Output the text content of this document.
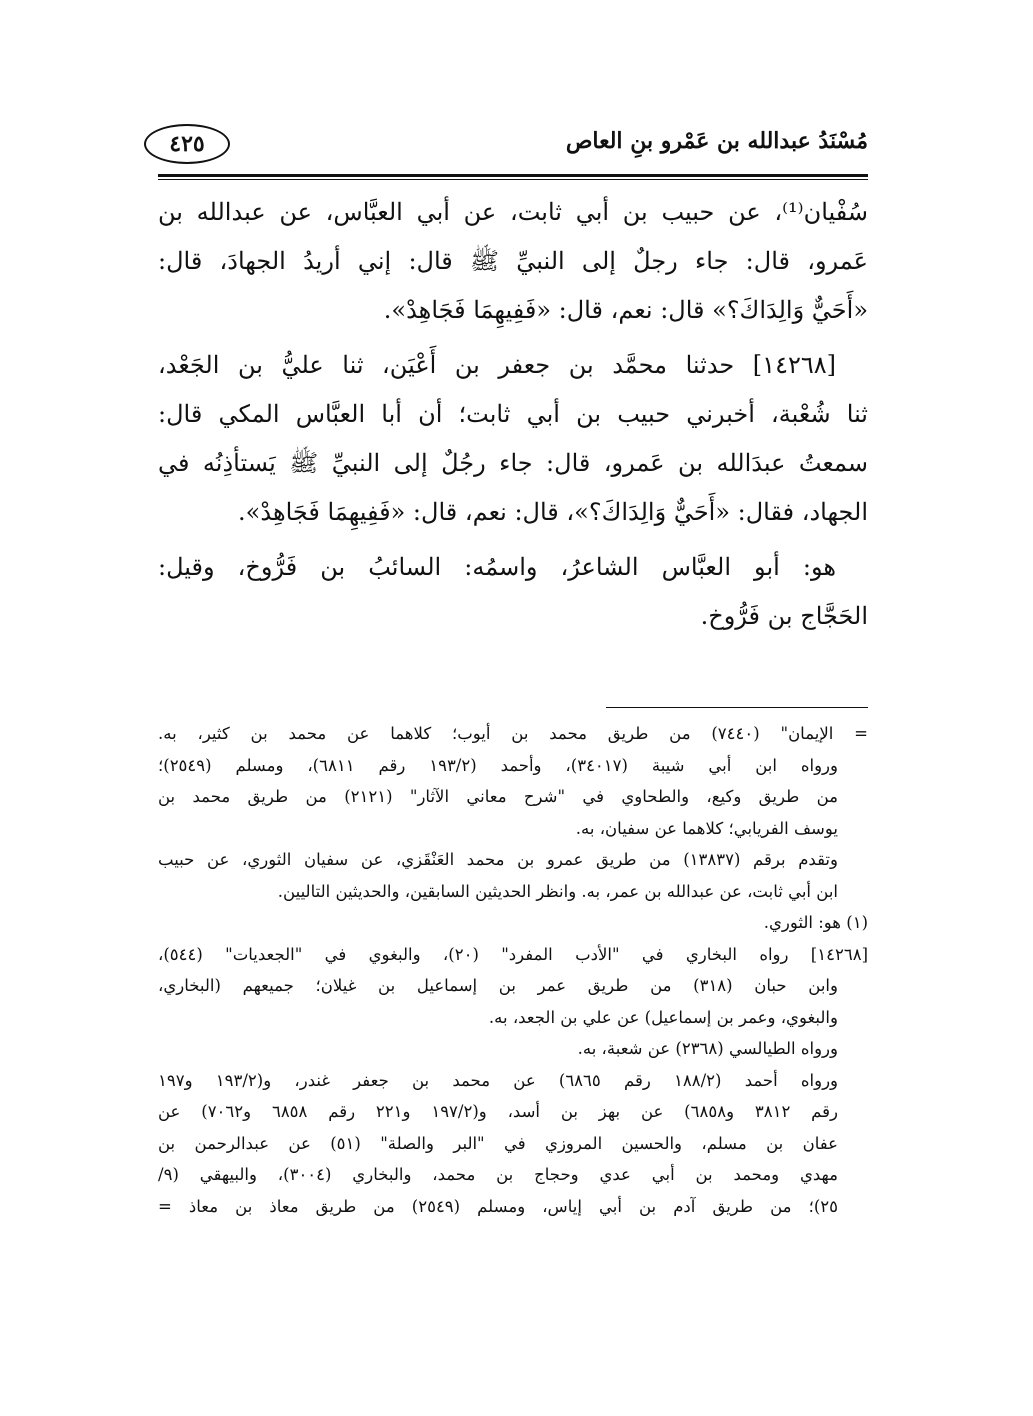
مُسْنَدُ عبدالله بن عَمْرو بنِ العاص
٤٢٥
سُفْيان⁽¹⁾، عن حبيب بن أبي ثابت، عن أبي العبَّاس، عن عبدالله بن
عَمرو، قال: جاء رجلٌ إلى النبيِّ ﷺ قال: إني أريدُ الجهادَ، قال:
«أَحَيٌّ وَالِدَاكَ؟» قال: نعم، قال: «فَفِيهِمَا فَجَاهِدْ».
[١٤٢٦٨] حدثنا محمَّد بن جعفر بن أَعْيَن، ثنا عليُّ بن الجَعْد،
ثنا شُعْبة، أخبرني حبيب بن أبي ثابت؛ أن أبا العبَّاس المكي قال:
سمعتُ عبدَالله بن عَمرو، قال: جاء رجُلٌ إلى النبيِّ ﷺ يَستأذِنُه في
الجهاد، فقال: «أَحَيٌّ وَالِدَاكَ؟»، قال: نعم، قال: «فَفِيهِمَا فَجَاهِدْ».
هو: أبو العبَّاس الشاعرُ، واسمُه: السائبُ بن فَرُّوخ، وقيل:
الحَجَّاج بن فَرُّوخ.
= الإيمان" (٧٤٤٠) من طريق محمد بن أيوب؛ كلاهما عن محمد بن كثير، به.
ورواه ابن أبي شيبة (٣٤٠١٧)، وأحمد (١٩٣/٢ رقم ٦٨١١)، ومسلم (٢٥٤٩)؛
من طريق وكيع، والطحاوي في "شرح معاني الآثار" (٢١٢١) من طريق محمد بن
يوسف الفريابي؛ كلاهما عن سفيان، به.
وتقدم برقم (١٣٨٣٧) من طريق عمرو بن محمد العَنْقَزي، عن سفيان الثوري، عن حبيب
ابن أبي ثابت، عن عبدالله بن عمر، به. وانظر الحديثين السابقين، والحديثين التاليين.
(١) هو: الثوري.
[١٤٢٦٨] رواه البخاري في "الأدب المفرد" (٢٠)، والبغوي في "الجعديات" (٥٤٤)،
وابن حبان (٣١٨) من طريق عمر بن إسماعيل بن غيلان؛ جميعهم (البخاري،
والبغوي، وعمر بن إسماعيل) عن علي بن الجعد، به.
ورواه الطيالسي (٢٣٦٨) عن شعبة، به.
ورواه أحمد (١٨٨/٢ رقم ٦٨٦٥) عن محمد بن جعفر غندر، و(١٩٣/٢ و١٩٧
رقم ٣٨١٢ و٦٨٥٨) عن بهز بن أسد، و(١٩٧/٢ و٢٢١ رقم ٦٨٥٨ و٧٠٦٢) عن
عفان بن مسلم، والحسين المروزي في "البر والصلة" (٥١) عن عبدالرحمن بن
مهدي ومحمد بن أبي عدي وحجاج بن محمد، والبخاري (٣٠٠٤)، والبيهقي (٩/
٢٥)؛ من طريق آدم بن أبي إياس، ومسلم (٢٥٤٩) من طريق معاذ بن معاذ =
